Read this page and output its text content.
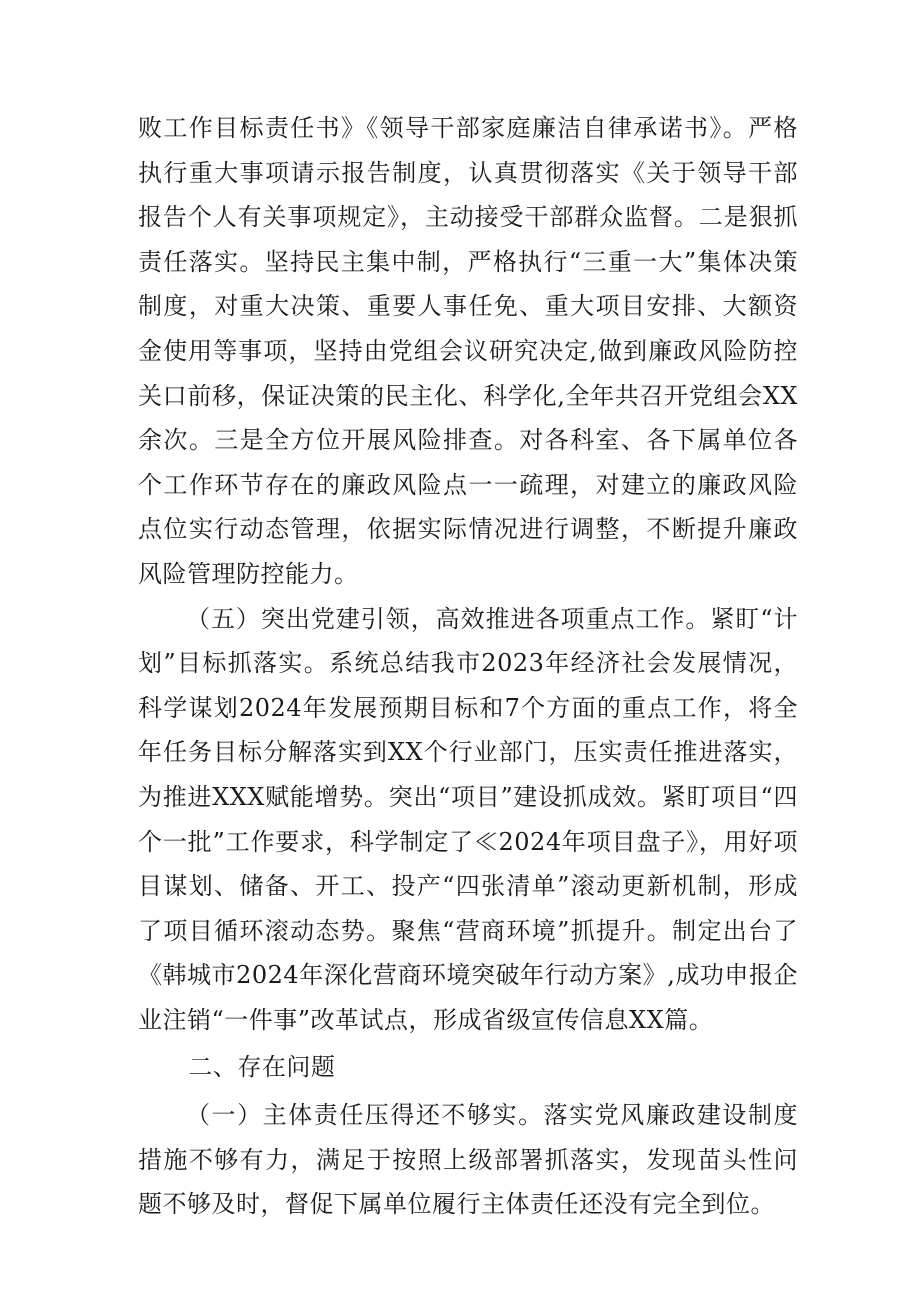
败工作目标责任书》《领导干部家庭廉洁自律承诺书》。严格执行重大事项请示报告制度，认真贯彻落实《关于领导干部报告个人有关事项规定》，主动接受干部群众监督。二是狠抓责任落实。坚持民主集中制，严格执行“三重一大”集体决策制度，对重大决策、重要人事任免、重大项目安排、大额资金使用等事项，坚持由党组会议研究决定,做到廉政风险防控关口前移，保证决策的民主化、科学化,全年共召开党组会XX余次。三是全方位开展风险排查。对各科室、各下属单位各个工作环节存在的廉政风险点一一疏理，对建立的廉政风险点位实行动态管理，依据实际情况进行调整，不断提升廉政风险管理防控能力。

（五）突出党建引领，高效推进各项重点工作。紧盯“计划”目标抓落实。系统总结我市2023年经济社会发展情况，科学谋划2024年发展预期目标和7个方面的重点工作，将全年任务目标分解落实到XX个行业部门，压实责任推进落实，为推进XXX赋能增势。突出“项目”建设抓成效。紧盯项目“四个一批”工作要求，科学制定了≪2024年项目盘子》，用好项目谋划、储备、开工、投产“四张清单”滚动更新机制，形成了项目循环滚动态势。聚焦“营商环境”抓提升。制定出台了《韩城市2024年深化营商环境突破年行动方案》,成功申报企业注销“一件事”改革试点，形成省级宣传信息XX篇。

二、存在问题

（一）主体责任压得还不够实。落实党风廉政建设制度措施不够有力，满足于按照上级部署抓落实，发现苗头性问题不够及时，督促下属单位履行主体责任还没有完全到位。
